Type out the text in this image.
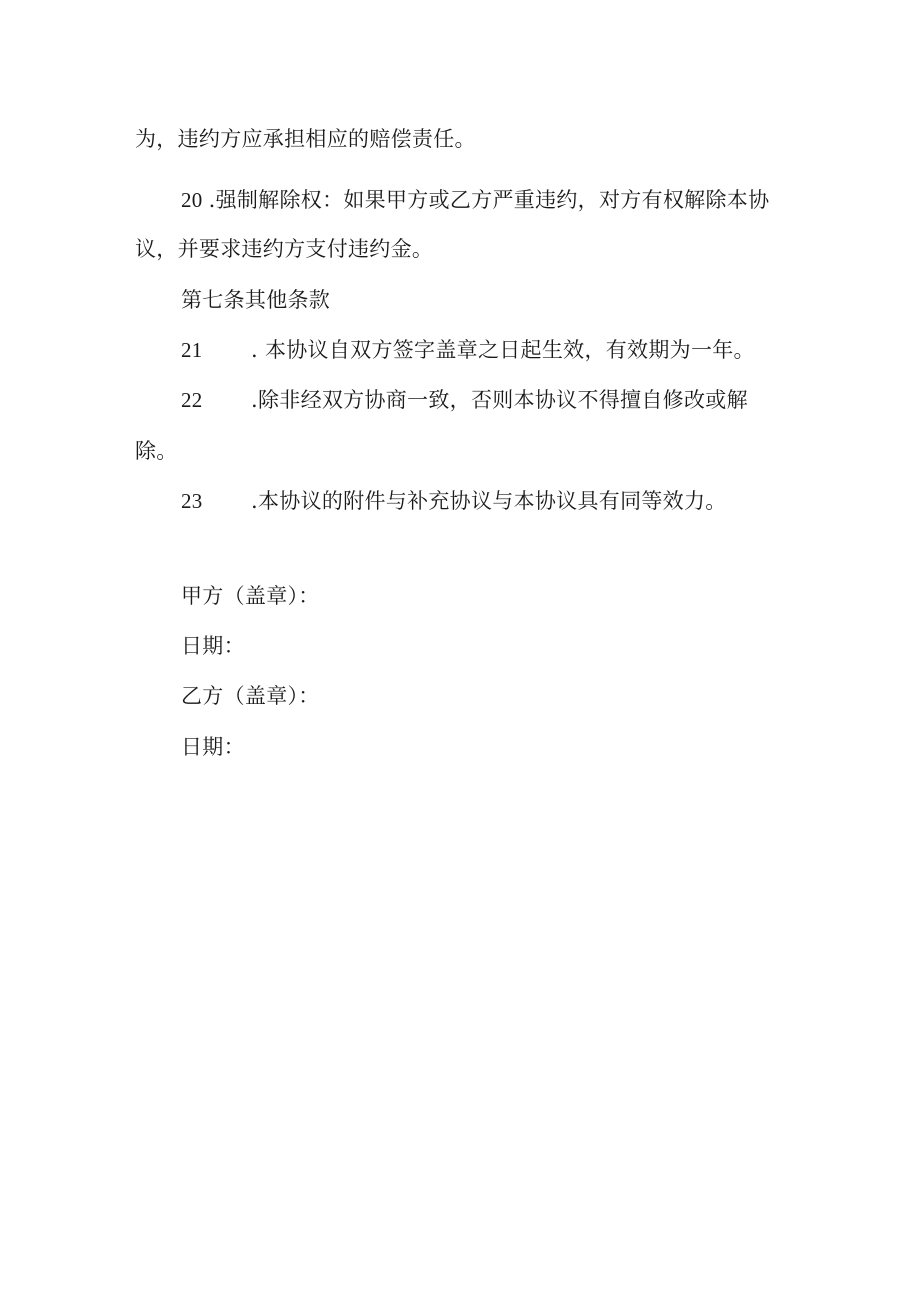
为，违约方应承担相应的赔偿责任。
20 .强制解除权：如果甲方或乙方严重违约，对方有权解除本协
议，并要求违约方支付违约金。
第七条其他条款
21 . 本协议自双方签字盖章之日起生效，有效期为一年。
22 .除非经双方协商一致，否则本协议不得擅自修改或解
除。
23 .本协议的附件与补充协议与本协议具有同等效力。
甲方（盖章）：
日期：
乙方（盖章）：
日期：
